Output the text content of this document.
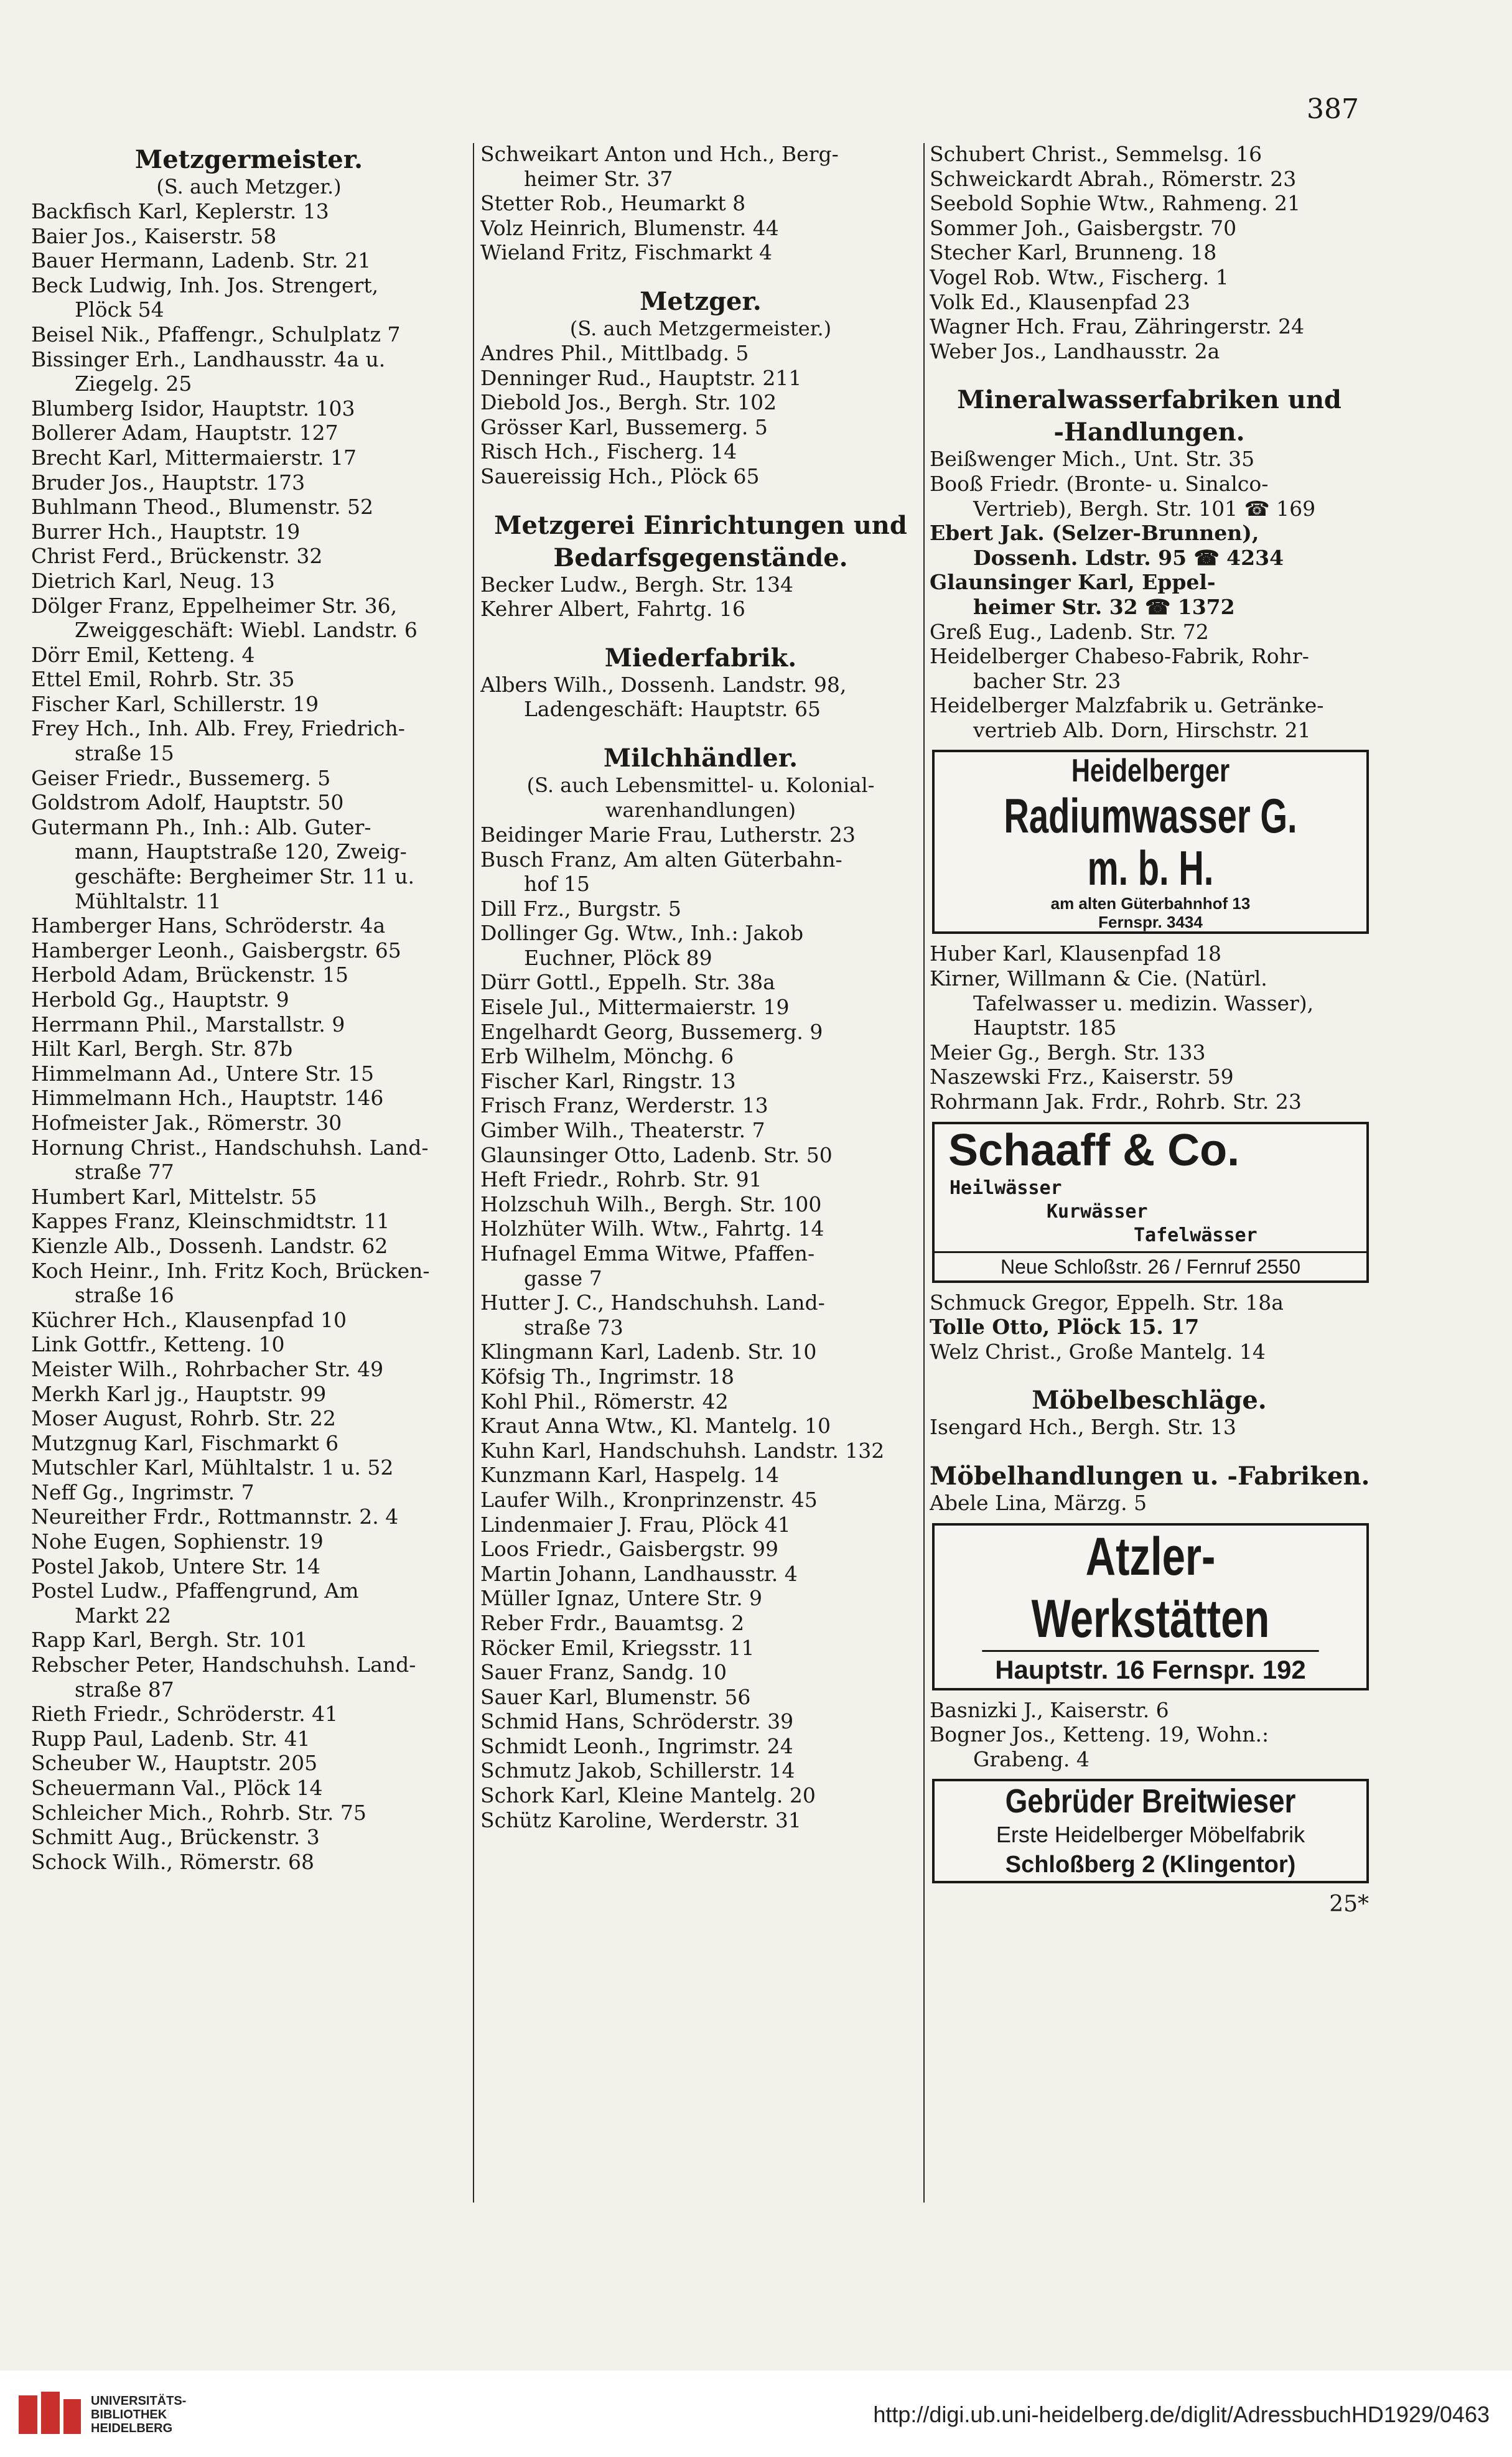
387
Metzgermeister.
(S. auch Metzger.)
Backfisch Karl, Keplerstr. 13
Baier Jos., Kaiserstr. 58
Bauer Hermann, Ladenb. Str. 21
Beck Ludwig, Inh. Jos. Strengert,
Plöck 54
Beisel Nik., Pfaffengr., Schulplatz 7
Bissinger Erh., Landhausstr. 4a u.
Ziegelg. 25
Blumberg Isidor, Hauptstr. 103
Bollerer Adam, Hauptstr. 127
Brecht Karl, Mittermaierstr. 17
Bruder Jos., Hauptstr. 173
Buhlmann Theod., Blumenstr. 52
Burrer Hch., Hauptstr. 19
Christ Ferd., Brückenstr. 32
Dietrich Karl, Neug. 13
Dölger Franz, Eppelheimer Str. 36,
Zweiggeschäft: Wiebl. Landstr. 6
Dörr Emil, Ketteng. 4
Ettel Emil, Rohrb. Str. 35
Fischer Karl, Schillerstr. 19
Frey Hch., Inh. Alb. Frey, Friedrich-
straße 15
Geiser Friedr., Bussemerg. 5
Goldstrom Adolf, Hauptstr. 50
Gutermann Ph., Inh.: Alb. Guter-
mann, Hauptstraße 120, Zweig-
geschäfte: Bergheimer Str. 11 u.
Mühltalstr. 11
Hamberger Hans, Schröderstr. 4a
Hamberger Leonh., Gaisbergstr. 65
Herbold Adam, Brückenstr. 15
Herbold Gg., Hauptstr. 9
Herrmann Phil., Marstallstr. 9
Hilt Karl, Bergh. Str. 87b
Himmelmann Ad., Untere Str. 15
Himmelmann Hch., Hauptstr. 146
Hofmeister Jak., Römerstr. 30
Hornung Christ., Handschuhsh. Land-
straße 77
Humbert Karl, Mittelstr. 55
Kappes Franz, Kleinschmidtstr. 11
Kienzle Alb., Dossenh. Landstr. 62
Koch Heinr., Inh. Fritz Koch, Brücken-
straße 16
Küchrer Hch., Klausenpfad 10
Link Gottfr., Ketteng. 10
Meister Wilh., Rohrbacher Str. 49
Merkh Karl jg., Hauptstr. 99
Moser August, Rohrb. Str. 22
Mutzgnug Karl, Fischmarkt 6
Mutschler Karl, Mühltalstr. 1 u. 52
Neff Gg., Ingrimstr. 7
Neureither Frdr., Rottmannstr. 2. 4
Nohe Eugen, Sophienstr. 19
Postel Jakob, Untere Str. 14
Postel Ludw., Pfaffengrund, Am
Markt 22
Rapp Karl, Bergh. Str. 101
Rebscher Peter, Handschuhsh. Land-
straße 87
Rieth Friedr., Schröderstr. 41
Rupp Paul, Ladenb. Str. 41
Scheuber W., Hauptstr. 205
Scheuermann Val., Plöck 14
Schleicher Mich., Rohrb. Str. 75
Schmitt Aug., Brückenstr. 3
Schock Wilh., Römerstr. 68
Schweikart Anton und Hch., Berg-
heimer Str. 37
Stetter Rob., Heumarkt 8
Volz Heinrich, Blumenstr. 44
Wieland Fritz, Fischmarkt 4
Metzger.
(S. auch Metzgermeister.)
Andres Phil., Mittlbadg. 5
Denninger Rud., Hauptstr. 211
Diebold Jos., Bergh. Str. 102
Grösser Karl, Bussemerg. 5
Risch Hch., Fischerg. 14
Sauereissig Hch., Plöck 65
Metzgerei Einrichtungen und
Bedarfsgegenstände.
Becker Ludw., Bergh. Str. 134
Kehrer Albert, Fahrtg. 16
Miederfabrik.
Albers Wilh., Dossenh. Landstr. 98,
Ladengeschäft: Hauptstr. 65
Milchhändler.
(S. auch Lebensmittel- u. Kolonial-
warenhandlungen)
Beidinger Marie Frau, Lutherstr. 23
Busch Franz, Am alten Güterbahn-
hof 15
Dill Frz., Burgstr. 5
Dollinger Gg. Wtw., Inh.: Jakob
Euchner, Plöck 89
Dürr Gottl., Eppelh. Str. 38a
Eisele Jul., Mittermaierstr. 19
Engelhardt Georg, Bussemerg. 9
Erb Wilhelm, Mönchg. 6
Fischer Karl, Ringstr. 13
Frisch Franz, Werderstr. 13
Gimber Wilh., Theaterstr. 7
Glaunsinger Otto, Ladenb. Str. 50
Heft Friedr., Rohrb. Str. 91
Holzschuh Wilh., Bergh. Str. 100
Holzhüter Wilh. Wtw., Fahrtg. 14
Hufnagel Emma Witwe, Pfaffen-
gasse 7
Hutter J. C., Handschuhsh. Land-
straße 73
Klingmann Karl, Ladenb. Str. 10
Köfsig Th., Ingrimstr. 18
Kohl Phil., Römerstr. 42
Kraut Anna Wtw., Kl. Mantelg. 10
Kuhn Karl, Handschuhsh. Landstr. 132
Kunzmann Karl, Haspelg. 14
Laufer Wilh., Kronprinzenstr. 45
Lindenmaier J. Frau, Plöck 41
Loos Friedr., Gaisbergstr. 99
Martin Johann, Landhausstr. 4
Müller Ignaz, Untere Str. 9
Reber Frdr., Bauamtsg. 2
Röcker Emil, Kriegsstr. 11
Sauer Franz, Sandg. 10
Sauer Karl, Blumenstr. 56
Schmid Hans, Schröderstr. 39
Schmidt Leonh., Ingrimstr. 24
Schmutz Jakob, Schillerstr. 14
Schork Karl, Kleine Mantelg. 20
Schütz Karoline, Werderstr. 31
Schubert Christ., Semmelsg. 16
Schweickardt Abrah., Römerstr. 23
Seebold Sophie Wtw., Rahmeng. 21
Sommer Joh., Gaisbergstr. 70
Stecher Karl, Brunneng. 18
Vogel Rob. Wtw., Fischerg. 1
Volk Ed., Klausenpfad 23
Wagner Hch. Frau, Zähringerstr. 24
Weber Jos., Landhausstr. 2a
Mineralwasserfabriken und
-Handlungen.
Beißwenger Mich., Unt. Str. 35
Booß Friedr. (Bronte- u. Sinalco-
Vertrieb), Bergh. Str. 101 ☎ 169
Ebert Jak. (Selzer-Brunnen),
Dossenh. Ldstr. 95 ☎ 4234
Glaunsinger Karl, Eppel-
heimer Str. 32 ☎ 1372
Greß Eug., Ladenb. Str. 72
Heidelberger Chabeso-Fabrik, Rohr-
bacher Str. 23
Heidelberger Malzfabrik u. Getränke-
vertrieb Alb. Dorn, Hirschstr. 21
Heidelberger
Radiumwasser G. m. b. H.
am alten Güterbahnhof 13
Fernspr. 3434
Huber Karl, Klausenpfad 18
Kirner, Willmann & Cie. (Natürl.
Tafelwasser u. medizin. Wasser),
Hauptstr. 185
Meier Gg., Bergh. Str. 133
Naszewski Frz., Kaiserstr. 59
Rohrmann Jak. Frdr., Rohrb. Str. 23
Schaaff & Co.
Heilwässer
Kurwässer
Tafelwässer
Neue Schloßstr. 26 / Fernruf 2550
Schmuck Gregor, Eppelh. Str. 18a
Tolle Otto, Plöck 15. 17
Welz Christ., Große Mantelg. 14
Möbelbeschläge.
Isengard Hch., Bergh. Str. 13
Möbelhandlungen u. -Fabriken.
Abele Lina, Märzg. 5
Atzler-Werkstätten
Hauptstr. 16 Fernspr. 192
Basnizki J., Kaiserstr. 6
Bogner Jos., Ketteng. 19, Wohn.:
Grabeng. 4
Gebrüder Breitwieser
Erste Heidelberger Möbelfabrik
Schloßberg 2 (Klingentor)
25*
UNIVERSITÄTS-
BIBLIOTHEK
HEIDELBERG
http://digi.ub.uni-heidelberg.de/diglit/AdressbuchHD1929/0463
